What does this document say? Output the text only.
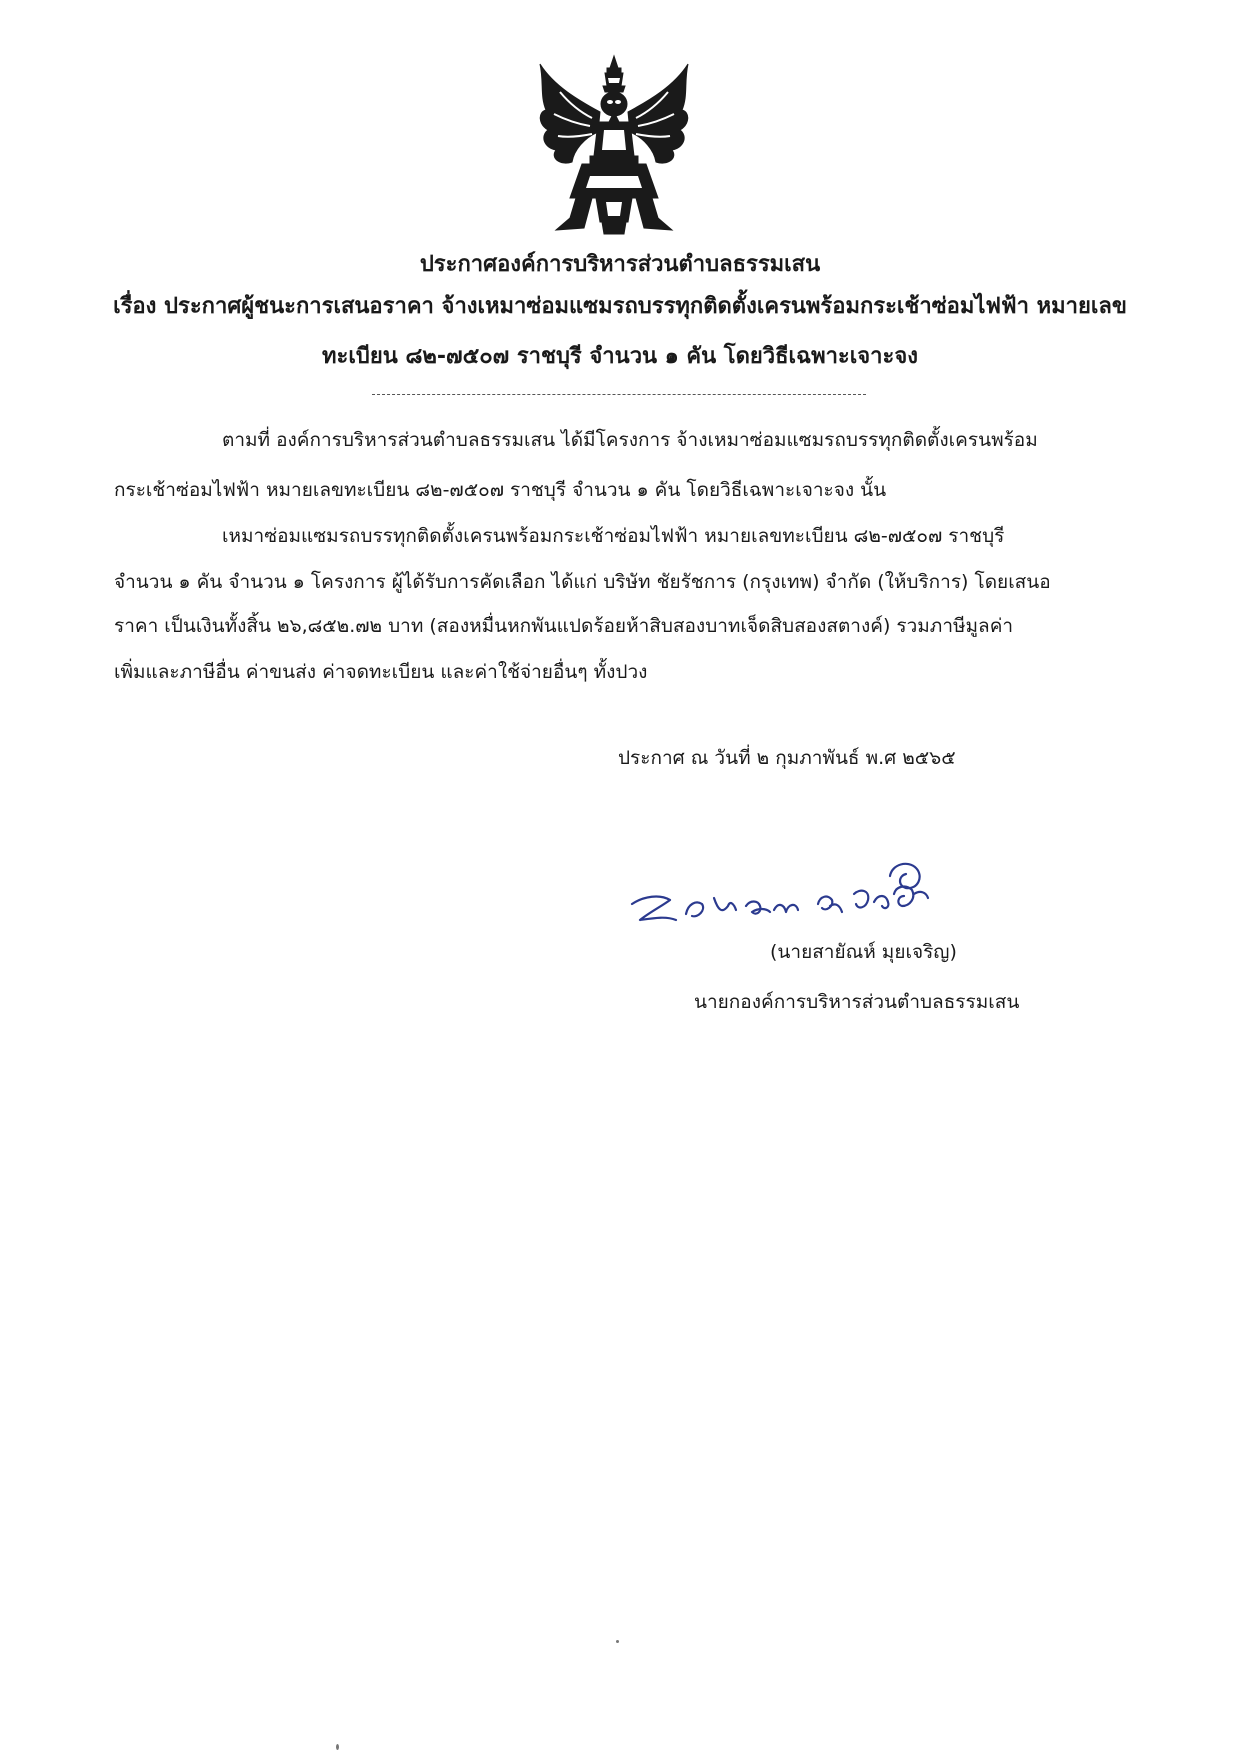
ประกาศองค์การบริหารส่วนตำบลธรรมเสน
เรื่อง ประกาศผู้ชนะการเสนอราคา จ้างเหมาซ่อมแซมรถบรรทุกติดตั้งเครนพร้อมกระเช้าซ่อมไฟฟ้า หมายเลข
ทะเบียน ๘๒-๗๕๐๗ ราชบุรี จำนวน ๑ คัน โดยวิธีเฉพาะเจาะจง
ตามที่ องค์การบริหารส่วนตำบลธรรมเสน ได้มีโครงการ จ้างเหมาซ่อมแซมรถบรรทุกติดตั้งเครนพร้อม
กระเช้าซ่อมไฟฟ้า หมายเลขทะเบียน ๘๒-๗๕๐๗ ราชบุรี จำนวน ๑ คัน โดยวิธีเฉพาะเจาะจง นั้น
เหมาซ่อมแซมรถบรรทุกติดตั้งเครนพร้อมกระเช้าซ่อมไฟฟ้า หมายเลขทะเบียน ๘๒-๗๕๐๗ ราชบุรี
จำนวน ๑ คัน จำนวน ๑ โครงการ ผู้ได้รับการคัดเลือก ได้แก่ บริษัท ชัยรัชการ (กรุงเทพ) จำกัด (ให้บริการ) โดยเสนอ
ราคา เป็นเงินทั้งสิ้น ๒๖,๘๕๒.๗๒ บาท (สองหมื่นหกพันแปดร้อยห้าสิบสองบาทเจ็ดสิบสองสตางค์) รวมภาษีมูลค่า
เพิ่มและภาษีอื่น ค่าขนส่ง ค่าจดทะเบียน และค่าใช้จ่ายอื่นๆ ทั้งปวง
ประกาศ ณ วันที่ ๒ กุมภาพันธ์ พ.ศ ๒๕๖๕
(นายสายัณห์ มุยเจริญ)
นายกองค์การบริหารส่วนตำบลธรรมเสน
